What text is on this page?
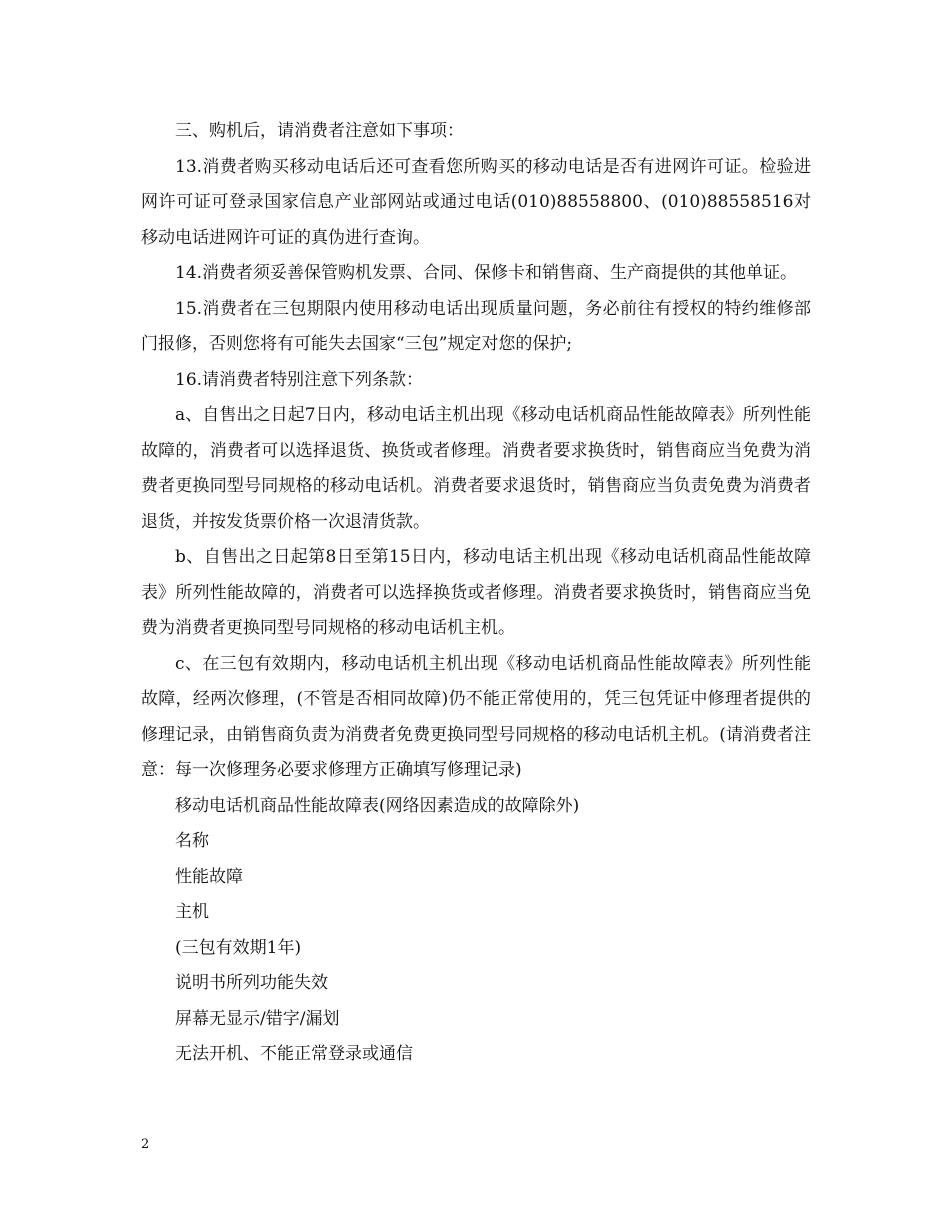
三、购机后，请消费者注意如下事项：

13.消费者购买移动电话后还可查看您所购买的移动电话是否有进网许可证。检验进网许可证可登录国家信息产业部网站或通过电话(010)88558800、(010)88558516对移动电话进网许可证的真伪进行查询。

14.消费者须妥善保管购机发票、合同、保修卡和销售商、生产商提供的其他单证。

15.消费者在三包期限内使用移动电话出现质量问题，务必前往有授权的特约维修部门报修，否则您将有可能失去国家“三包”规定对您的保护;

16.请消费者特别注意下列条款：

a、自售出之日起7日内，移动电话主机出现《移动电话机商品性能故障表》所列性能故障的，消费者可以选择退货、换货或者修理。消费者要求换货时，销售商应当免费为消费者更换同型号同规格的移动电话机。消费者要求退货时，销售商应当负责免费为消费者退货，并按发货票价格一次退清货款。

b、自售出之日起第8日至第15日内，移动电话主机出现《移动电话机商品性能故障表》所列性能故障的，消费者可以选择换货或者修理。消费者要求换货时，销售商应当免费为消费者更换同型号同规格的移动电话机主机。

c、在三包有效期内，移动电话机主机出现《移动电话机商品性能故障表》所列性能故障，经两次修理，(不管是否相同故障)仍不能正常使用的，凭三包凭证中修理者提供的修理记录，由销售商负责为消费者免费更换同型号同规格的移动电话机主机。(请消费者注意：每一次修理务必要求修理方正确填写修理记录)

移动电话机商品性能故障表(网络因素造成的故障除外)

名称

性能故障

主机

(三包有效期1年)

说明书所列功能失效

屏幕无显示/错字/漏划

无法开机、不能正常登录或通信

2
